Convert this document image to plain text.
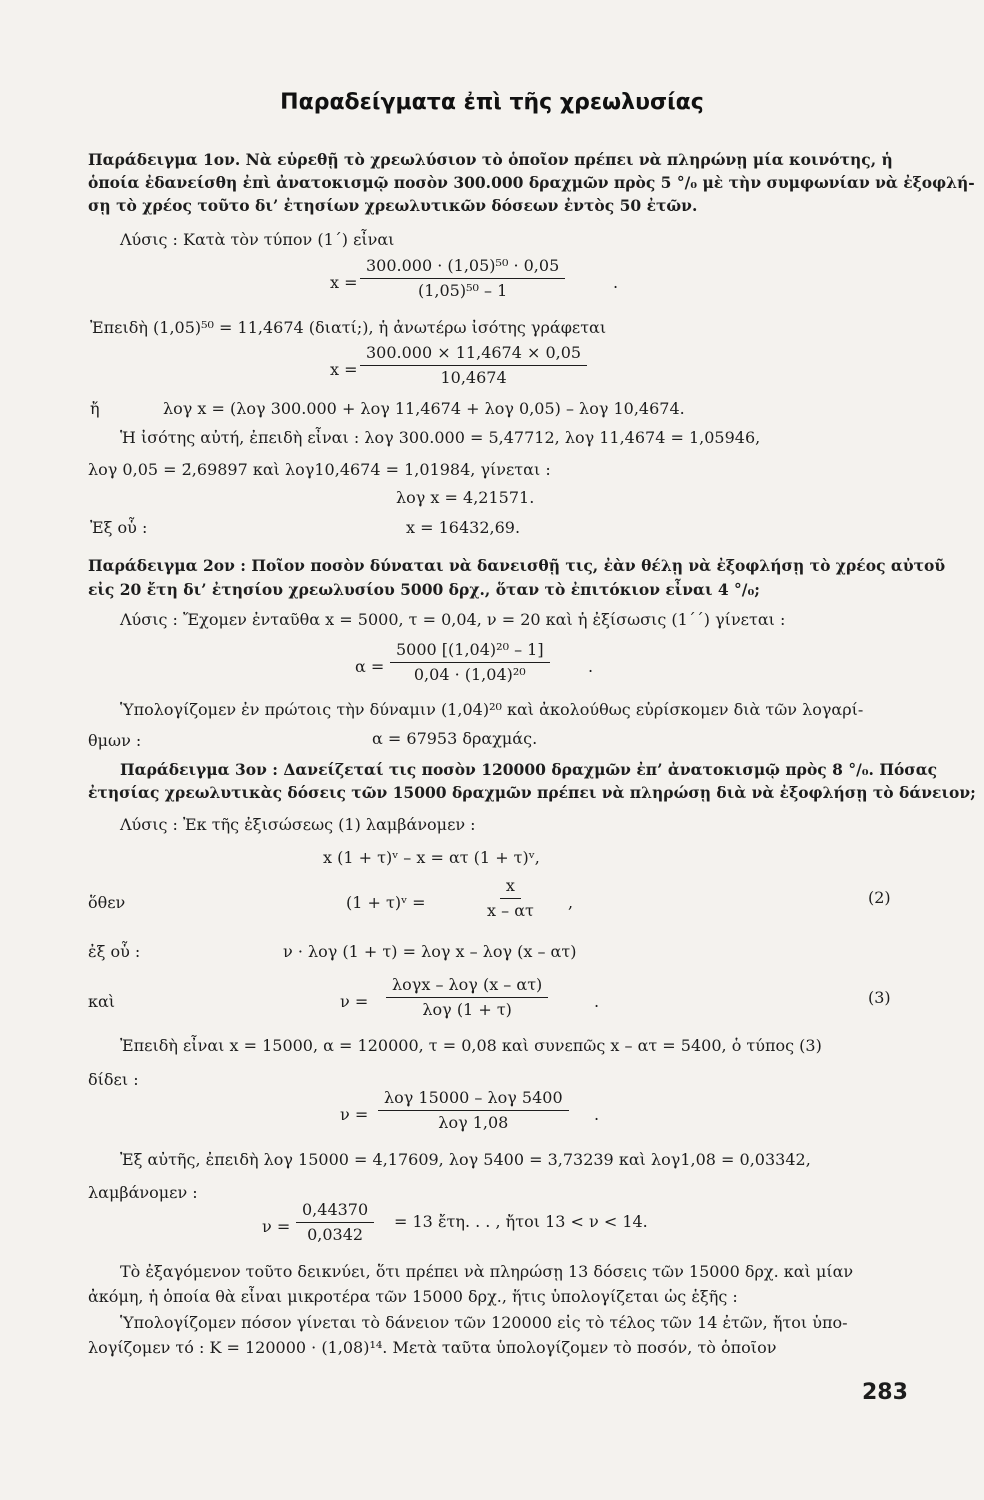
Παραδείγματα ἐπὶ τῆς χρεωλυσίας
Παράδειγμα 1ον. Νὰ εὑρεθῇ τὸ χρεωλύσιον τὸ ὁποῖον πρέπει νὰ πληρώνῃ μία κοινότης, ἡ
ὁποία ἐδανείσθη ἐπὶ ἀνατοκισμῷ ποσὸν 300.000 δραχμῶν πρὸς 5 °/₀ μὲ τὴν συμφωνίαν νὰ ἐξοφλή-
σῃ τὸ χρέος τοῦτο δι’ ἐτησίων χρεωλυτικῶν δόσεων ἐντὸς 50 ἐτῶν.
Λύσις : Κατὰ τὸν τύπον (1΄) εἶναι
$x = \frac{\text{300.000 · (1,05)⁵⁰ · 0,05}}{\text{(1,05)⁵⁰ – 1}}$	.
Ἐπειδὴ (1,05)⁵⁰ = 11,4674 (διατί;), ἡ ἀνωτέρω ἰσότης γράφεται
$x = \frac{300.000 \times 11,4674 \times 0,05}{10,4674}$
ἤ	λογ x = (λογ 300.000 + λογ 11,4674 + λογ 0,05) – λογ 10,4674.
Ἡ ἰσότης αὐτή, ἐπειδὴ εἶναι : λογ 300.000 = 5,47712, λογ 11,4674 = 1,05946,
λογ 0,05 = 2̄,69897 καὶ λογ10,4674 = 1,01984, γίνεται :
λογ x = 4,21571.
Ἐξ οὗ :	x = 16432,69.
Παράδειγμα 2ον : Ποῖον ποσὸν δύναται νὰ δανεισθῇ τις, ἐὰν θέλῃ νὰ ἐξοφλήσῃ τὸ χρέος αὐτοῦ
εἰς 20 ἔτη δι’ ἐτησίου χρεωλυσίου 5000 δρχ., ὅταν τὸ ἐπιτόκιον εἶναι 4 °/₀;
Λύσις : Ἔχομεν ἐνταῦθα x = 5000, τ = 0,04, ν = 20 καὶ ἡ ἐξίσωσις (1΄΄) γίνεται :
$\alpha = \frac{\text{5000 [(1,04)²⁰ – 1]}}{\text{0,04 · (1,04)²⁰}}$ .
Ὑπολογίζομεν ἐν πρώτοις τὴν δύναμιν (1,04)²⁰ καὶ ἀκολούθως εὑρίσκομεν διὰ τῶν λογαρί-
θμων :	α = 67953 δραχμάς.
Παράδειγμα 3ον : Δανείζεταί τις ποσὸν 120000 δραχμῶν ἐπ’ ἀνατοκισμῷ πρὸς 8 °/₀. Πόσας
ἐτησίας χρεωλυτικὰς δόσεις τῶν 15000 δραχμῶν πρέπει νὰ πληρώσῃ διὰ νὰ ἐξοφλήσῃ τὸ δάνειον;
Λύσις : Ἐκ τῆς ἐξισώσεως (1) λαμβάνομεν :
x (1 + τ)ᵛ – x = ατ (1 + τ)ᵛ,
ὅθεν	(1 + τ)ᵛ =	$\frac{x}{x - \alpha\tau}$ ,	(2)
ἐξ οὗ :	ν · λογ (1 + τ) = λογ x – λογ (x – ατ)
καὶ	ν =
λογx – λογ (x – ατ)
λογ (1 + τ)	.	(3)
Ἐπειδὴ εἶναι x = 15000, α = 120000, τ = 0,08 καὶ συνεπῶς x – ατ = 5400, ὁ τύπος (3)
δίδει :
ν =
λογ 15000 – λογ 5400
λογ 1,08	.
Ἐξ αὐτῆς, ἐπειδὴ λογ 15000 = 4,17609, λογ 5400 = 3,73239 καὶ λογ1,08 = 0,03342,
λαμβάνομεν :
$\nu = \frac{0,44370}{0,0342} = 13$ ἔτη. . . , ἤτοι 13 < ν < 14.
Τὸ ἐξαγόμενον τοῦτο δεικνύει, ὅτι πρέπει νὰ πληρώσῃ 13 δόσεις τῶν 15000 δρχ. καὶ μίαν
ἀκόμη, ἡ ὁποία θὰ εἶναι μικροτέρα τῶν 15000 δρχ., ἥτις ὑπολογίζεται ὡς ἑξῆς :
Ὑπολογίζομεν πόσον γίνεται τὸ δάνειον τῶν 120000 εἰς τὸ τέλος τῶν 14 ἐτῶν, ἤτοι ὑπο-
λογίζομεν τό : K = 120000 · (1,08)¹⁴. Μετὰ ταῦτα ὑπολογίζομεν τὸ ποσόν, τὸ ὁποῖον
283
